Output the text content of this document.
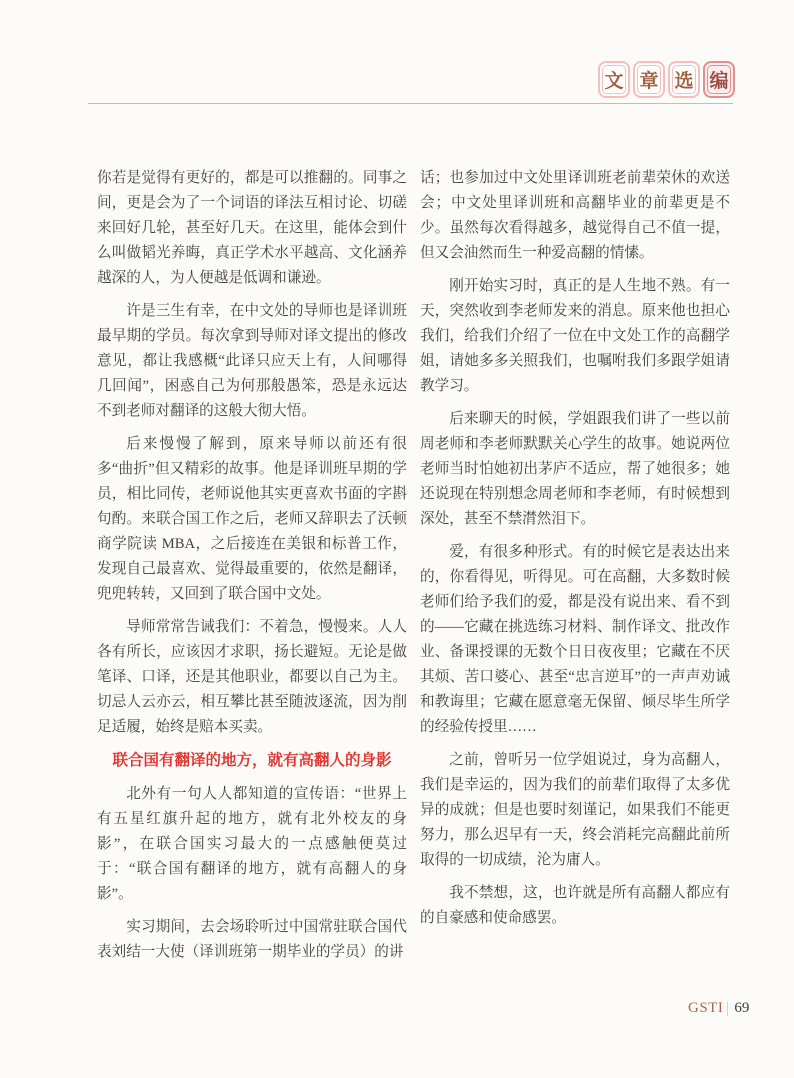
文 章 选 编

你若是觉得有更好的，都是可以推翻的。同事之间，更是会为了一个词语的译法互相讨论、切磋来回好几轮，甚至好几天。在这里，能体会到什么叫做韬光养晦，真正学术水平越高、文化涵养越深的人，为人便越是低调和谦逊。

许是三生有幸，在中文处的导师也是译训班最早期的学员。每次拿到导师对译文提出的修改意见，都让我感概“此译只应天上有，人间哪得几回闻”，困惑自己为何那般愚笨，恐是永远达不到老师对翻译的这般大彻大悟。

后来慢慢了解到，原来导师以前还有很多“曲折”但又精彩的故事。他是译训班早期的学员，相比同传，老师说他其实更喜欢书面的字斟句酌。来联合国工作之后，老师又辞职去了沃顿商学院读 MBA，之后接连在美银和标普工作，发现自己最喜欢、觉得最重要的，依然是翻译，兜兜转转，又回到了联合国中文处。

导师常常告诫我们：不着急，慢慢来。人人各有所长，应该因才求职，扬长避短。无论是做笔译、口译，还是其他职业，都要以自己为主。切忌人云亦云，相互攀比甚至随波逐流，因为削足适履，始终是赔本买卖。

联合国有翻译的地方，就有高翻人的身影

北外有一句人人都知道的宣传语：“世界上有五星红旗升起的地方，就有北外校友的身影”，在联合国实习最大的一点感触便莫过于：“联合国有翻译的地方，就有高翻人的身影”。

实习期间，去会场聆听过中国常驻联合国代表刘结一大使（译训班第一期毕业的学员）的讲

话；也参加过中文处里译训班老前辈荣休的欢送会；中文处里译训班和高翻毕业的前辈更是不少。虽然每次看得越多，越觉得自己不值一提，但又会油然而生一种爱高翻的情愫。

刚开始实习时，真正的是人生地不熟。有一天，突然收到李老师发来的消息。原来他也担心我们，给我们介绍了一位在中文处工作的高翻学姐，请她多多关照我们，也嘱咐我们多跟学姐请教学习。

后来聊天的时候，学姐跟我们讲了一些以前周老师和李老师默默关心学生的故事。她说两位老师当时怕她初出茅庐不适应，帮了她很多；她还说现在特别想念周老师和李老师，有时候想到深处，甚至不禁潸然泪下。

爱，有很多种形式。有的时候它是表达出来的，你看得见，听得见。可在高翻，大多数时候老师们给予我们的爱，都是没有说出来、看不到的——它藏在挑选练习材料、制作译文、批改作业、备课授课的无数个日日夜夜里；它藏在不厌其烦、苦口婆心、甚至“忠言逆耳”的一声声劝诫和教诲里；它藏在愿意毫无保留、倾尽毕生所学的经验传授里……

之前，曾听另一位学姐说过，身为高翻人，我们是幸运的，因为我们的前辈们取得了太多优异的成就；但是也要时刻谨记，如果我们不能更努力，那么迟早有一天，终会消耗完高翻此前所取得的一切成绩，沦为庸人。

我不禁想，这，也许就是所有高翻人都应有的自豪感和使命感罢。

GSTI 69
